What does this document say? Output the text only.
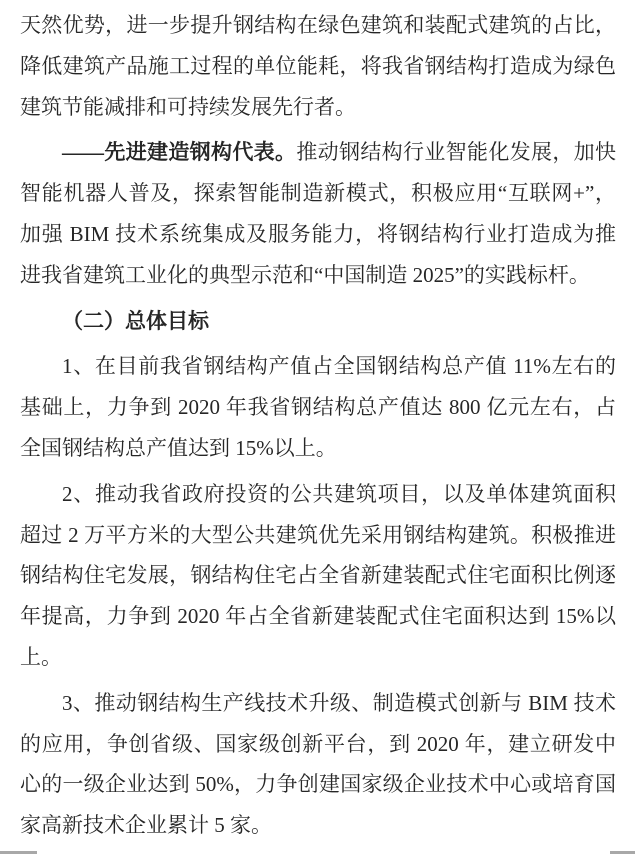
天然优势，进一步提升钢结构在绿色建筑和装配式建筑的占比，降低建筑产品施工过程的单位能耗，将我省钢结构打造成为绿色建筑节能减排和可持续发展先行者。

——先进建造钢构代表。推动钢结构行业智能化发展，加快智能机器人普及，探索智能制造新模式，积极应用“互联网+”，加强 BIM 技术系统集成及服务能力，将钢结构行业打造成为推进我省建筑工业化的典型示范和“中国制造 2025”的实践标杆。

（二）总体目标

1、在目前我省钢结构产值占全国钢结构总产值 11%左右的基础上，力争到 2020 年我省钢结构总产值达 800 亿元左右，占全国钢结构总产值达到 15%以上。

2、推动我省政府投资的公共建筑项目，以及单体建筑面积超过 2 万平方米的大型公共建筑优先采用钢结构建筑。积极推进钢结构住宅发展，钢结构住宅占全省新建装配式住宅面积比例逐年提高，力争到 2020 年占全省新建装配式住宅面积达到 15%以上。

3、推动钢结构生产线技术升级、制造模式创新与 BIM 技术的应用，争创省级、国家级创新平台，到 2020 年，建立研发中心的一级企业达到 50%，力争创建国家级企业技术中心或培育国家高新技术企业累计 5 家。
